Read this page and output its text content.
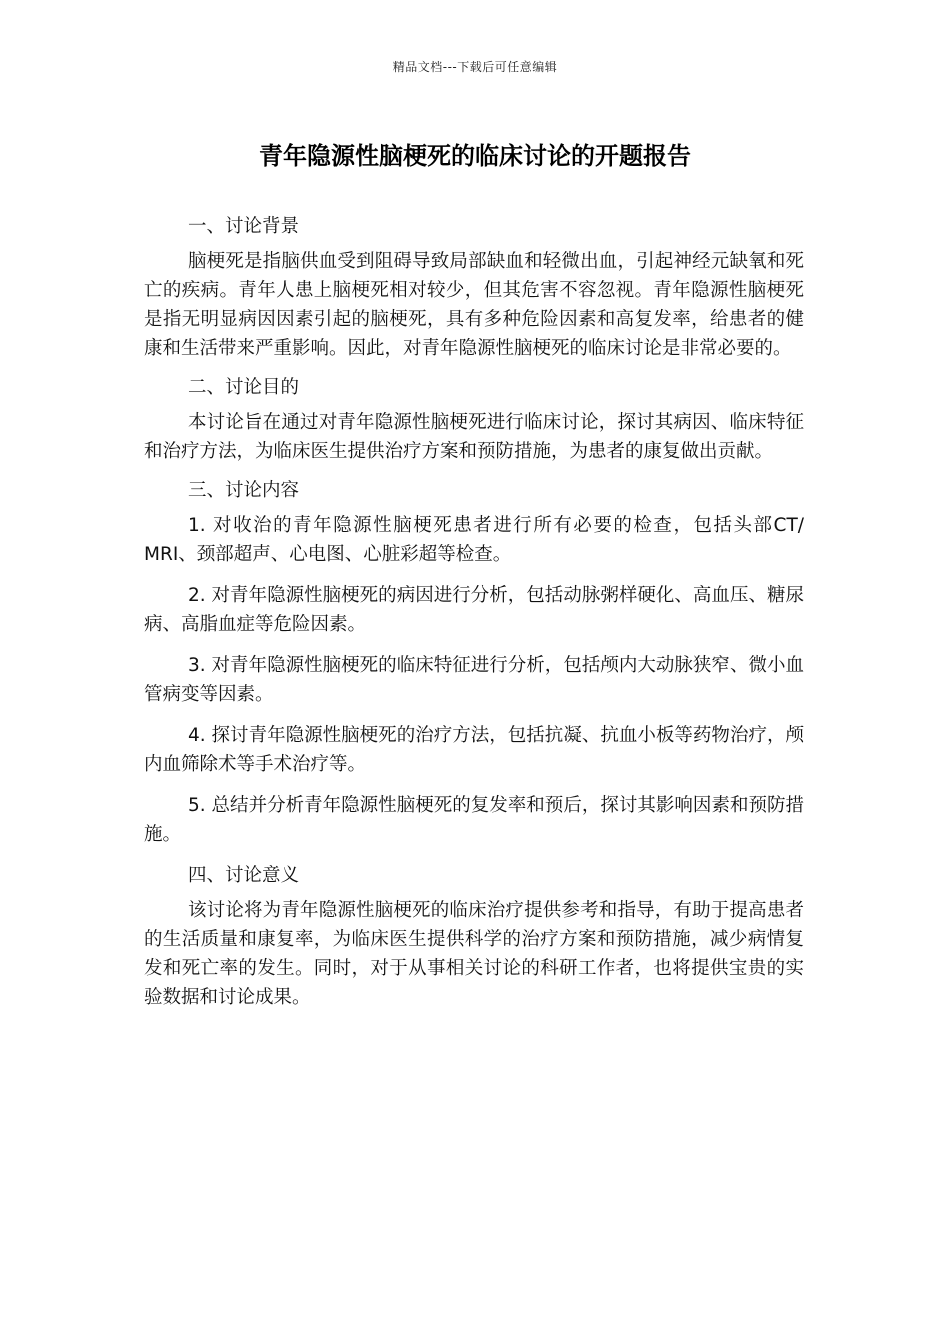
精品文档---下载后可任意编辑
青年隐源性脑梗死的临床讨论的开题报告

一、讨论背景

脑梗死是指脑供血受到阻碍导致局部缺血和轻微出血，引起神经元缺氧和死亡的疾病。青年人患上脑梗死相对较少，但其危害不容忽视。青年隐源性脑梗死是指无明显病因因素引起的脑梗死，具有多种危险因素和高复发率，给患者的健康和生活带来严重影响。因此，对青年隐源性脑梗死的临床讨论是非常必要的。

二、讨论目的

本讨论旨在通过对青年隐源性脑梗死进行临床讨论，探讨其病因、临床特征和治疗方法，为临床医生提供治疗方案和预防措施，为患者的康复做出贡献。

三、讨论内容

1. 对收治的青年隐源性脑梗死患者进行所有必要的检查，包括头部CT/ MRI、颈部超声、心电图、心脏彩超等检查。

2. 对青年隐源性脑梗死的病因进行分析，包括动脉粥样硬化、高血压、糖尿病、高脂血症等危险因素。

3. 对青年隐源性脑梗死的临床特征进行分析，包括颅内大动脉狭窄、微小血管病变等因素。

4. 探讨青年隐源性脑梗死的治疗方法，包括抗凝、抗血小板等药物治疗，颅内血筛除术等手术治疗等。

5. 总结并分析青年隐源性脑梗死的复发率和预后，探讨其影响因素和预防措施。

四、讨论意义

该讨论将为青年隐源性脑梗死的临床治疗提供参考和指导，有助于提高患者的生活质量和康复率，为临床医生提供科学的治疗方案和预防措施，减少病情复发和死亡率的发生。同时，对于从事相关讨论的科研工作者，也将提供宝贵的实验数据和讨论成果。
